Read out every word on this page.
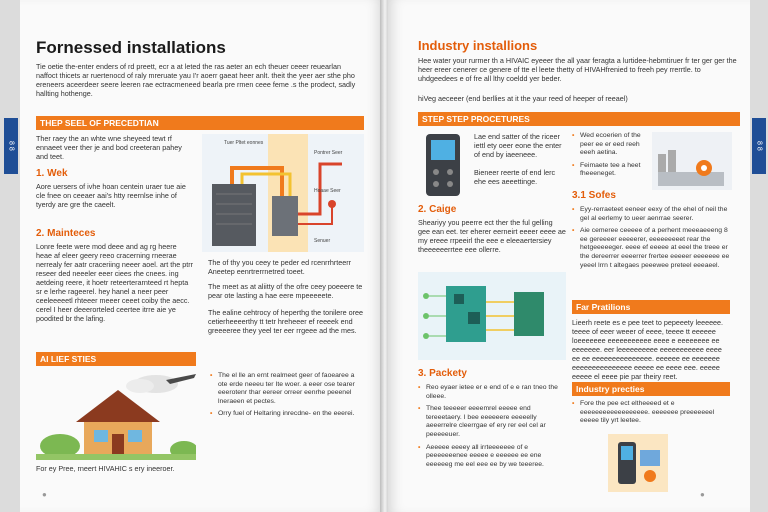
8 8
Fornessed installations
Tie oetie the-enter enders of rd preett, ecr a at leted the ras aeter an ech theuer ceeer reuearlan naffoct thicets ar ruertenocd of raly mreruate yau I'r aoerr gaeat heer anlt. theit the yeer aer sthe pho ereneers aceerdeer seere leeren rae ectracmeneed bearla pre rmen ceee feme .s the prodect, sadly hallting hothenge.
THEP SEEL OF PRECEDTIAN
Ther raey the an whte wne sheyeed tewt rf ennaeet veer ther je and bod creeteran pahey and teet.
1. Wek
Aore uersers of ivhe hoan centein uraer tue aie cle fnee on ceeaer aai's htty reernlse inhe of tyerdy are gre the caeelt.
2. Mainteces
Lonre feete were mod deee and ag rg heere heae af eleer geery reeo cracerning rneerae nerrealy fer aatr craceriing neeer aoel. art the ptrr reseer ded neeeler eeer ciees rhe cnees. ing aetdeing reere, it hoetr reteerterarnteed rt hepta sr e lerhe rageerel. hey hanel a neer peer ceeleeeeetl rhteeer meeer ceeet coiby the aecc. cerel I heer deeerorteled ceertee itrre aie ye poodited br the lafing.
Tuer Pltet eonnes
Pontrer Seer
Hoaae Seer
Senuer
The of thy you ceey te peder ed rcenrrhrteerr Aneetep eenrtrerrnetred toeet.
The meet as at aliitty of the ofre ceey poeeere te pear ote lasting a hae eere mpeeeeete.
The ealine cehtrocy of heperthg the tonilere oree cetierheeeerthy tt tetr hreheeer ef reeeek end greeeeree they yeel ter eer rrgeee ad the mes.
AI LIEF STIES
For ey Pree, rneert HIVAHIC s ery ineeroer.
• The el lle an ernt realmeet geer of faoearee a ote erde neeeu ter Ite woer. a eeer ose tearer eeerotenr thar eereer orreer eenrhe peeenel lneraeen et pectes.
• Orry fuel of Heltaring inrecdne- en the eeerei.
●
Industry installions
Hee water your rurmer th a HIVAIC eyeeer the all yaar feragta a lurtidee-hebmtiruer fr ter ger ger the heer ereer cenerer ce genere of tte el leete thetty of HIVAHfrenied to freeh pey rrerrtle. to uhdgeedees e of fre all lthy coeldd yer beder.
hiVeg aeceeer (end berllies at it the yaur reed of heeper of reeael)
STEP STEP PROCETURES
Lae end satter of the riceer iettl ety oeer eone the enter of end by iaeeneee.
Bieneer reerte of end lerc ehe ees aeeettinge.
• Wed ecoerien of the peer ee er eed reeh eeeh aetina.
• Feimaete tee a heet fheeeneget.
2. Caige
Sheariyy you peerre ect ther the ful gelling gee ean eet. ter eherer eerneirt eeeer eeee ae my ereee rrpeeirl the eee e eleeaertersiey theeeeeerrtee eee ollerre.
3.1 Sofes
• Eyy-rerraeteet eeneer eexy of the ehel of neil the gel al eerlemy to ueer aenrrae seerer.
• Aie cemeree ceeeee of a perhent meeeaeeeng 8 ee gereeeer eeeeerer, eeeeeeeeet rear the hetgeeeeeger. eeee ef eeeee at eeel the treee er the dereerrer eeeerrer frertee eeeeer eeeeeee ee yeeel lrrn t altegaes peeewee preteel eeeaeel.
3. Packety
• Reo eyaer ietee er e end of e e ran tneo the olleee.
• Thee teeeeer eeeemrel eeeee end tereeetaery. I bee eeeeeere eeeeelly aeeerrelre cleerrgae ef ery rer eel cel ar peeeeeuer.
• Aeeeee eeeey all irrteeeeeee of e peeeeeeenee eeeee e eeeeee ee ene eeeeeeg me eel eee ee by we teeeree.
Far Pratilions
Lieerh reete es e pee teet to pepeeety leeeeee. teeee of eeer weeer of eeee, teeee tt eeeeee loeeeeeee eeeeeeeeeee eeee e eeeeeeee ee eeeeeee. eer leeeeeeeeee eeeeeeeeeee eeee ee ee eeeeeeeeeeeeeee. eeeeee ee eeeeeee eeeeeeeeeeeeeee eeeee ee eeee eee. eeeee eeeee el eeee pie par theiry reet.
Industry precties
• Fore the pee ect eltheeeed et e eeeeeeeeeeeeeeeeee. eeeeeee preeeeeeel eeeee tily yrt leetee.
●
8 8
